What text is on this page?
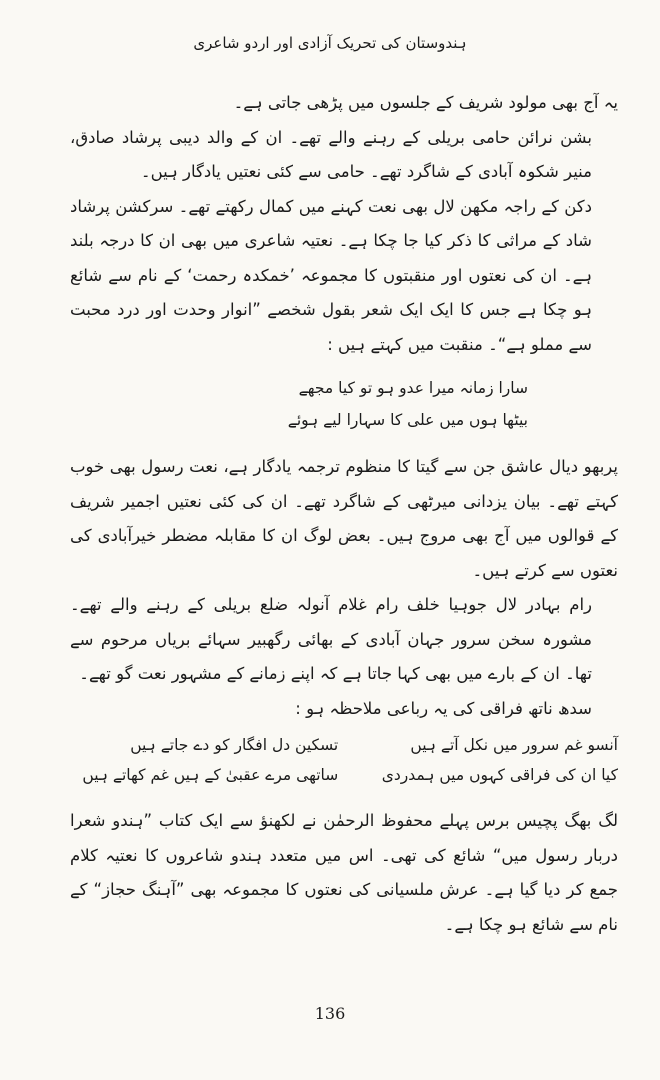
ہندوستان کی تحریک آزادی اور اردو شاعری

یہ آج بھی مولود شریف کے جلسوں میں پڑھی جاتی ہے۔

بشن نرائن حامی بریلی کے رہنے والے تھے۔ ان کے والد دیبی پرشاد صادق، منیر شکوہ آبادی کے شاگرد تھے۔ حامی سے کئی نعتیں یادگار ہیں۔

دکن کے راجہ مکھن لال بھی نعت کہنے میں کمال رکھتے تھے۔ سرکشن پرشاد شاد کے مراثی کا ذکر کیا جا چکا ہے۔ نعتیہ شاعری میں بھی ان کا درجہ بلند ہے۔ ان کی نعتوں اور منقبتوں کا مجموعہ ’خمکدہ رحمت‘ کے نام سے شائع ہو چکا ہے جس کا ایک ایک شعر بقول شخصے ”انوار وحدت اور درد محبت سے مملو ہے“۔ منقبت میں کہتے ہیں :

سارا زمانہ میرا عدو ہو تو کیا مجھے
بیٹھا ہوں میں علی کا سہارا لیے ہوئے

پربھو دیال عاشق جن سے گیتا کا منظوم ترجمہ یادگار ہے، نعت رسول بھی خوب کہتے تھے۔ بیان یزدانی میرٹھی کے شاگرد تھے۔ ان کی کئی نعتیں اجمیر شریف کے قوالوں میں آج بھی مروج ہیں۔ بعض لوگ ان کا مقابلہ مضطر خیرآبادی کی نعتوں سے کرتے ہیں۔

رام بہادر لال جوہیا خلف رام غلام آنولہ ضلع بریلی کے رہنے والے تھے۔ مشورہ سخن سرور جہان آبادی کے بھائی رگھبیر سہائے بریاں مرحوم سے تھا۔ ان کے بارے میں بھی کہا جاتا ہے کہ اپنے زمانے کے مشہور نعت گو تھے۔

سدھ ناتھ فراقی کی یہ رباعی ملاحظہ ہو :

آنسو غم سرور میں نکل آتے ہیں
تسکین دل افگار کو دے جاتے ہیں
کیا ان کی فراقی کہوں میں ہمدردی
ساتھی مرے عقبیٰ کے ہیں غم کھاتے ہیں

لگ بھگ پچیس برس پہلے محفوظ الرحمٰن نے لکھنؤ سے ایک کتاب ”ہندو شعرا دربار رسول میں“ شائع کی تھی۔ اس میں متعدد ہندو شاعروں کا نعتیہ کلام جمع کر دیا گیا ہے۔ عرش ملسیانی کی نعتوں کا مجموعہ بھی ”آہنگ حجاز“ کے نام سے شائع ہو چکا ہے۔

136
